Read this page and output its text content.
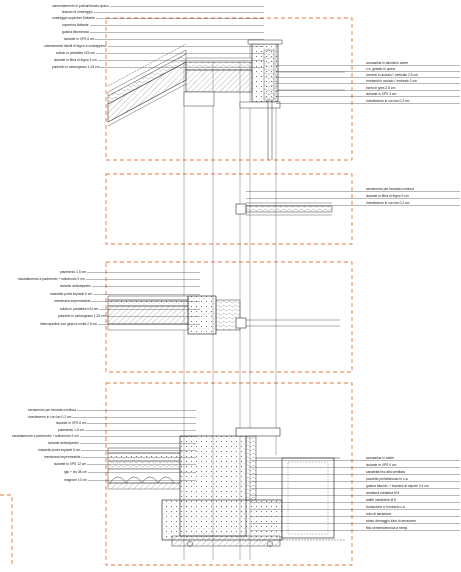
camminamento in policarbonato opaco
tessuto di ombreggio
ombreggio superiore flottante
copertura flottante
guaina bituminosa
isolante in XPS 6 cm
orientamento listelli di legno a contrappeso
sollaio in predalles h24 cm
isolante in fibra di legno 3 cm
pannello in cartongesso 1,25 cm
scossalina in alluminio carter
c.a. gettato in opera
correnti in acciaio l' verticale 2,5 cm
montanti in acciaio l' verticale 2 cm
barra in gres 2,5 cm
isolante in XPS 3 cm
rivestimento in con lac 0,2 cm
serramento per facciata continua
isolante in fibra di legno 9 cm
rivestimento in con lac 0,2 cm
pavimento 1,5 cm
riscaldamento a pavimento + sottofondo 9 cm
isolante anticalpestio
massetto porta impianti 6 cm
membrana impermeabile
solaio in predalles h24 cm
pannello in cartongesso 1,25 cm
intercapedine con gessi a molla 2,5 cm
serramento per facciata continua
rivestimento in con lac 0,2 cm
isolante in XPS 6 cm
pavimento 1,5 cm
riscaldamento a pavimento + sottofondo 9 cm
isolante anticalpestio
massetto porta impianti 6 cm
membrana impermeabile
isolante in XPS 12 cm
iglu + cls 38 cm
magrone 10 cm
scossalina in carter
isolante in XPS 6 cm
canaletta fino alla ventilata
pozzetto prefabbricato in c.a.
guaina bitumin. + barriera al vapore 0,4 cm
armatura metallica Ø 8
staffe metalliche Ø 8
fondazione a l'rovescio c.a.
tubo di aerazione
strato drenaggio tubo di aerazione
fitto cementotecnica a riemp.
